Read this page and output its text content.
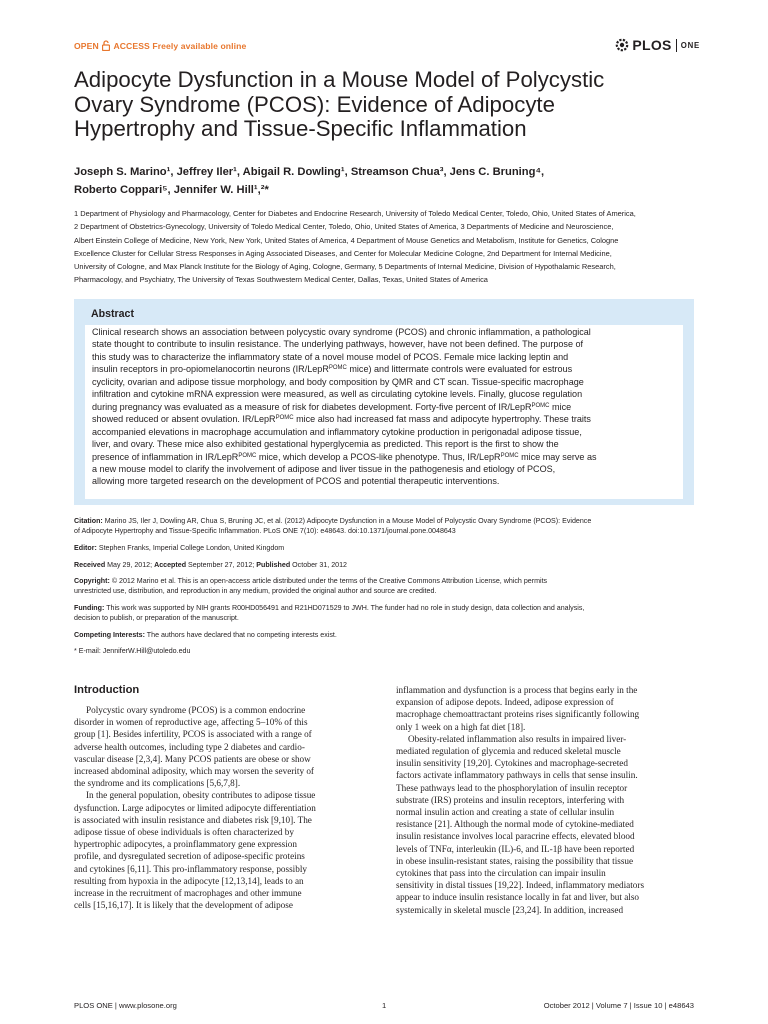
OPEN ACCESS Freely available online	PLOS ONE
Adipocyte Dysfunction in a Mouse Model of Polycystic
Ovary Syndrome (PCOS): Evidence of Adipocyte
Hypertrophy and Tissue-Specific Inflammation
Joseph S. Marino¹, Jeffrey Iler¹, Abigail R. Dowling¹, Streamson Chua³, Jens C. Bruning⁴,
Roberto Coppari⁵, Jennifer W. Hill¹,²*
1 Department of Physiology and Pharmacology, Center for Diabetes and Endocrine Research, University of Toledo Medical Center, Toledo, Ohio, United States of America,
2 Department of Obstetrics-Gynecology, University of Toledo Medical Center, Toledo, Ohio, United States of America, 3 Departments of Medicine and Neuroscience,
Albert Einstein College of Medicine, New York, New York, United States of America, 4 Department of Mouse Genetics and Metabolism, Institute for Genetics, Cologne
Excellence Cluster for Cellular Stress Responses in Aging Associated Diseases, and Center for Molecular Medicine Cologne, 2nd Department for Internal Medicine,
University of Cologne, and Max Planck Institute for the Biology of Aging, Cologne, Germany, 5 Departments of Internal Medicine, Division of Hypothalamic Research,
Pharmacology, and Psychiatry, The University of Texas Southwestern Medical Center, Dallas, Texas, United States of America
Abstract
Clinical research shows an association between polycystic ovary syndrome (PCOS) and chronic inflammation, a pathological
state thought to contribute to insulin resistance. The underlying pathways, however, have not been defined. The purpose of
this study was to characterize the inflammatory state of a novel mouse model of PCOS. Female mice lacking leptin and
insulin receptors in pro-opiomelanocortin neurons (IR/LepR$^{POMC}$ mice) and littermate controls were evaluated for estrous
cyclicity, ovarian and adipose tissue morphology, and body composition by QMR and CT scan. Tissue-specific macrophage
infiltration and cytokine mRNA expression were measured, as well as circulating cytokine levels. Finally, glucose regulation
during pregnancy was evaluated as a measure of risk for diabetes development. Forty-five percent of IR/LepR$^{POMC}$ mice
showed reduced or absent ovulation. IR/LepR$^{POMC}$ mice also had increased fat mass and adipocyte hypertrophy. These traits
accompanied elevations in macrophage accumulation and inflammatory cytokine production in perigonadal adipose tissue,
liver, and ovary. These mice also exhibited gestational hyperglycemia as predicted. This report is the first to show the
presence of inflammation in IR/LepR$^{POMC}$ mice, which develop a PCOS-like phenotype. Thus, IR/LepR$^{POMC}$ mice may serve as
a new mouse model to clarify the involvement of adipose and liver tissue in the pathogenesis and etiology of PCOS,
allowing more targeted research on the development of PCOS and potential therapeutic interventions.
Citation: Marino JS, Iler J, Dowling AR, Chua S, Bruning JC, et al. (2012) Adipocyte Dysfunction in a Mouse Model of Polycystic Ovary Syndrome (PCOS): Evidence
of Adipocyte Hypertrophy and Tissue-Specific Inflammation. PLoS ONE 7(10): e48643. doi:10.1371/journal.pone.0048643
Editor: Stephen Franks, Imperial College London, United Kingdom
Received May 29, 2012; Accepted September 27, 2012; Published October 31, 2012
Copyright: © 2012 Marino et al. This is an open-access article distributed under the terms of the Creative Commons Attribution License, which permits
unrestricted use, distribution, and reproduction in any medium, provided the original author and source are credited.
Funding: This work was supported by NIH grants R00HD056491 and R21HD071529 to JWH. The funder had no role in study design, data collection and analysis,
decision to publish, or preparation of the manuscript.
Competing Interests: The authors have declared that no competing interests exist.
* E-mail: JenniferW.Hill@utoledo.edu
Introduction
Polycystic ovary syndrome (PCOS) is a common endocrine
disorder in women of reproductive age, affecting 5–10% of this
group [1]. Besides infertility, PCOS is associated with a range of
adverse health outcomes, including type 2 diabetes and cardio-
vascular disease [2,3,4]. Many PCOS patients are obese or show
increased abdominal adiposity, which may worsen the severity of
the syndrome and its complications [5,6,7,8].
In the general population, obesity contributes to adipose tissue
dysfunction. Large adipocytes or limited adipocyte differentiation
is associated with insulin resistance and diabetes risk [9,10]. The
adipose tissue of obese individuals is often characterized by
hypertrophic adipocytes, a proinflammatory gene expression
profile, and dysregulated secretion of adipose-specific proteins
and cytokines [6,11]. This pro-inflammatory response, possibly
resulting from hypoxia in the adipocyte [12,13,14], leads to an
increase in the recruitment of macrophages and other immune
cells [15,16,17]. It is likely that the development of adipose
inflammation and dysfunction is a process that begins early in the
expansion of adipose depots. Indeed, adipose expression of
macrophage chemoattractant proteins rises significantly following
only 1 week on a high fat diet [18].
Obesity-related inflammation also results in impaired liver-
mediated regulation of glycemia and reduced skeletal muscle
insulin sensitivity [19,20]. Cytokines and macrophage-secreted
factors activate inflammatory pathways in cells that sense insulin.
These pathways lead to the phosphorylation of insulin receptor
substrate (IRS) proteins and insulin receptors, interfering with
normal insulin action and creating a state of cellular insulin
resistance [21]. Although the normal mode of cytokine-mediated
insulin resistance involves local paracrine effects, elevated blood
levels of TNFα, interleukin (IL)-6, and IL-1β have been reported
in obese insulin-resistant states, raising the possibility that tissue
cytokines that pass into the circulation can impair insulin
sensitivity in distal tissues [19,22]. Indeed, inflammatory mediators
appear to induce insulin resistance locally in fat and liver, but also
systemically in skeletal muscle [23,24]. In addition, increased
PLOS ONE | www.plosone.org	1	October 2012 | Volume 7 | Issue 10 | e48643
